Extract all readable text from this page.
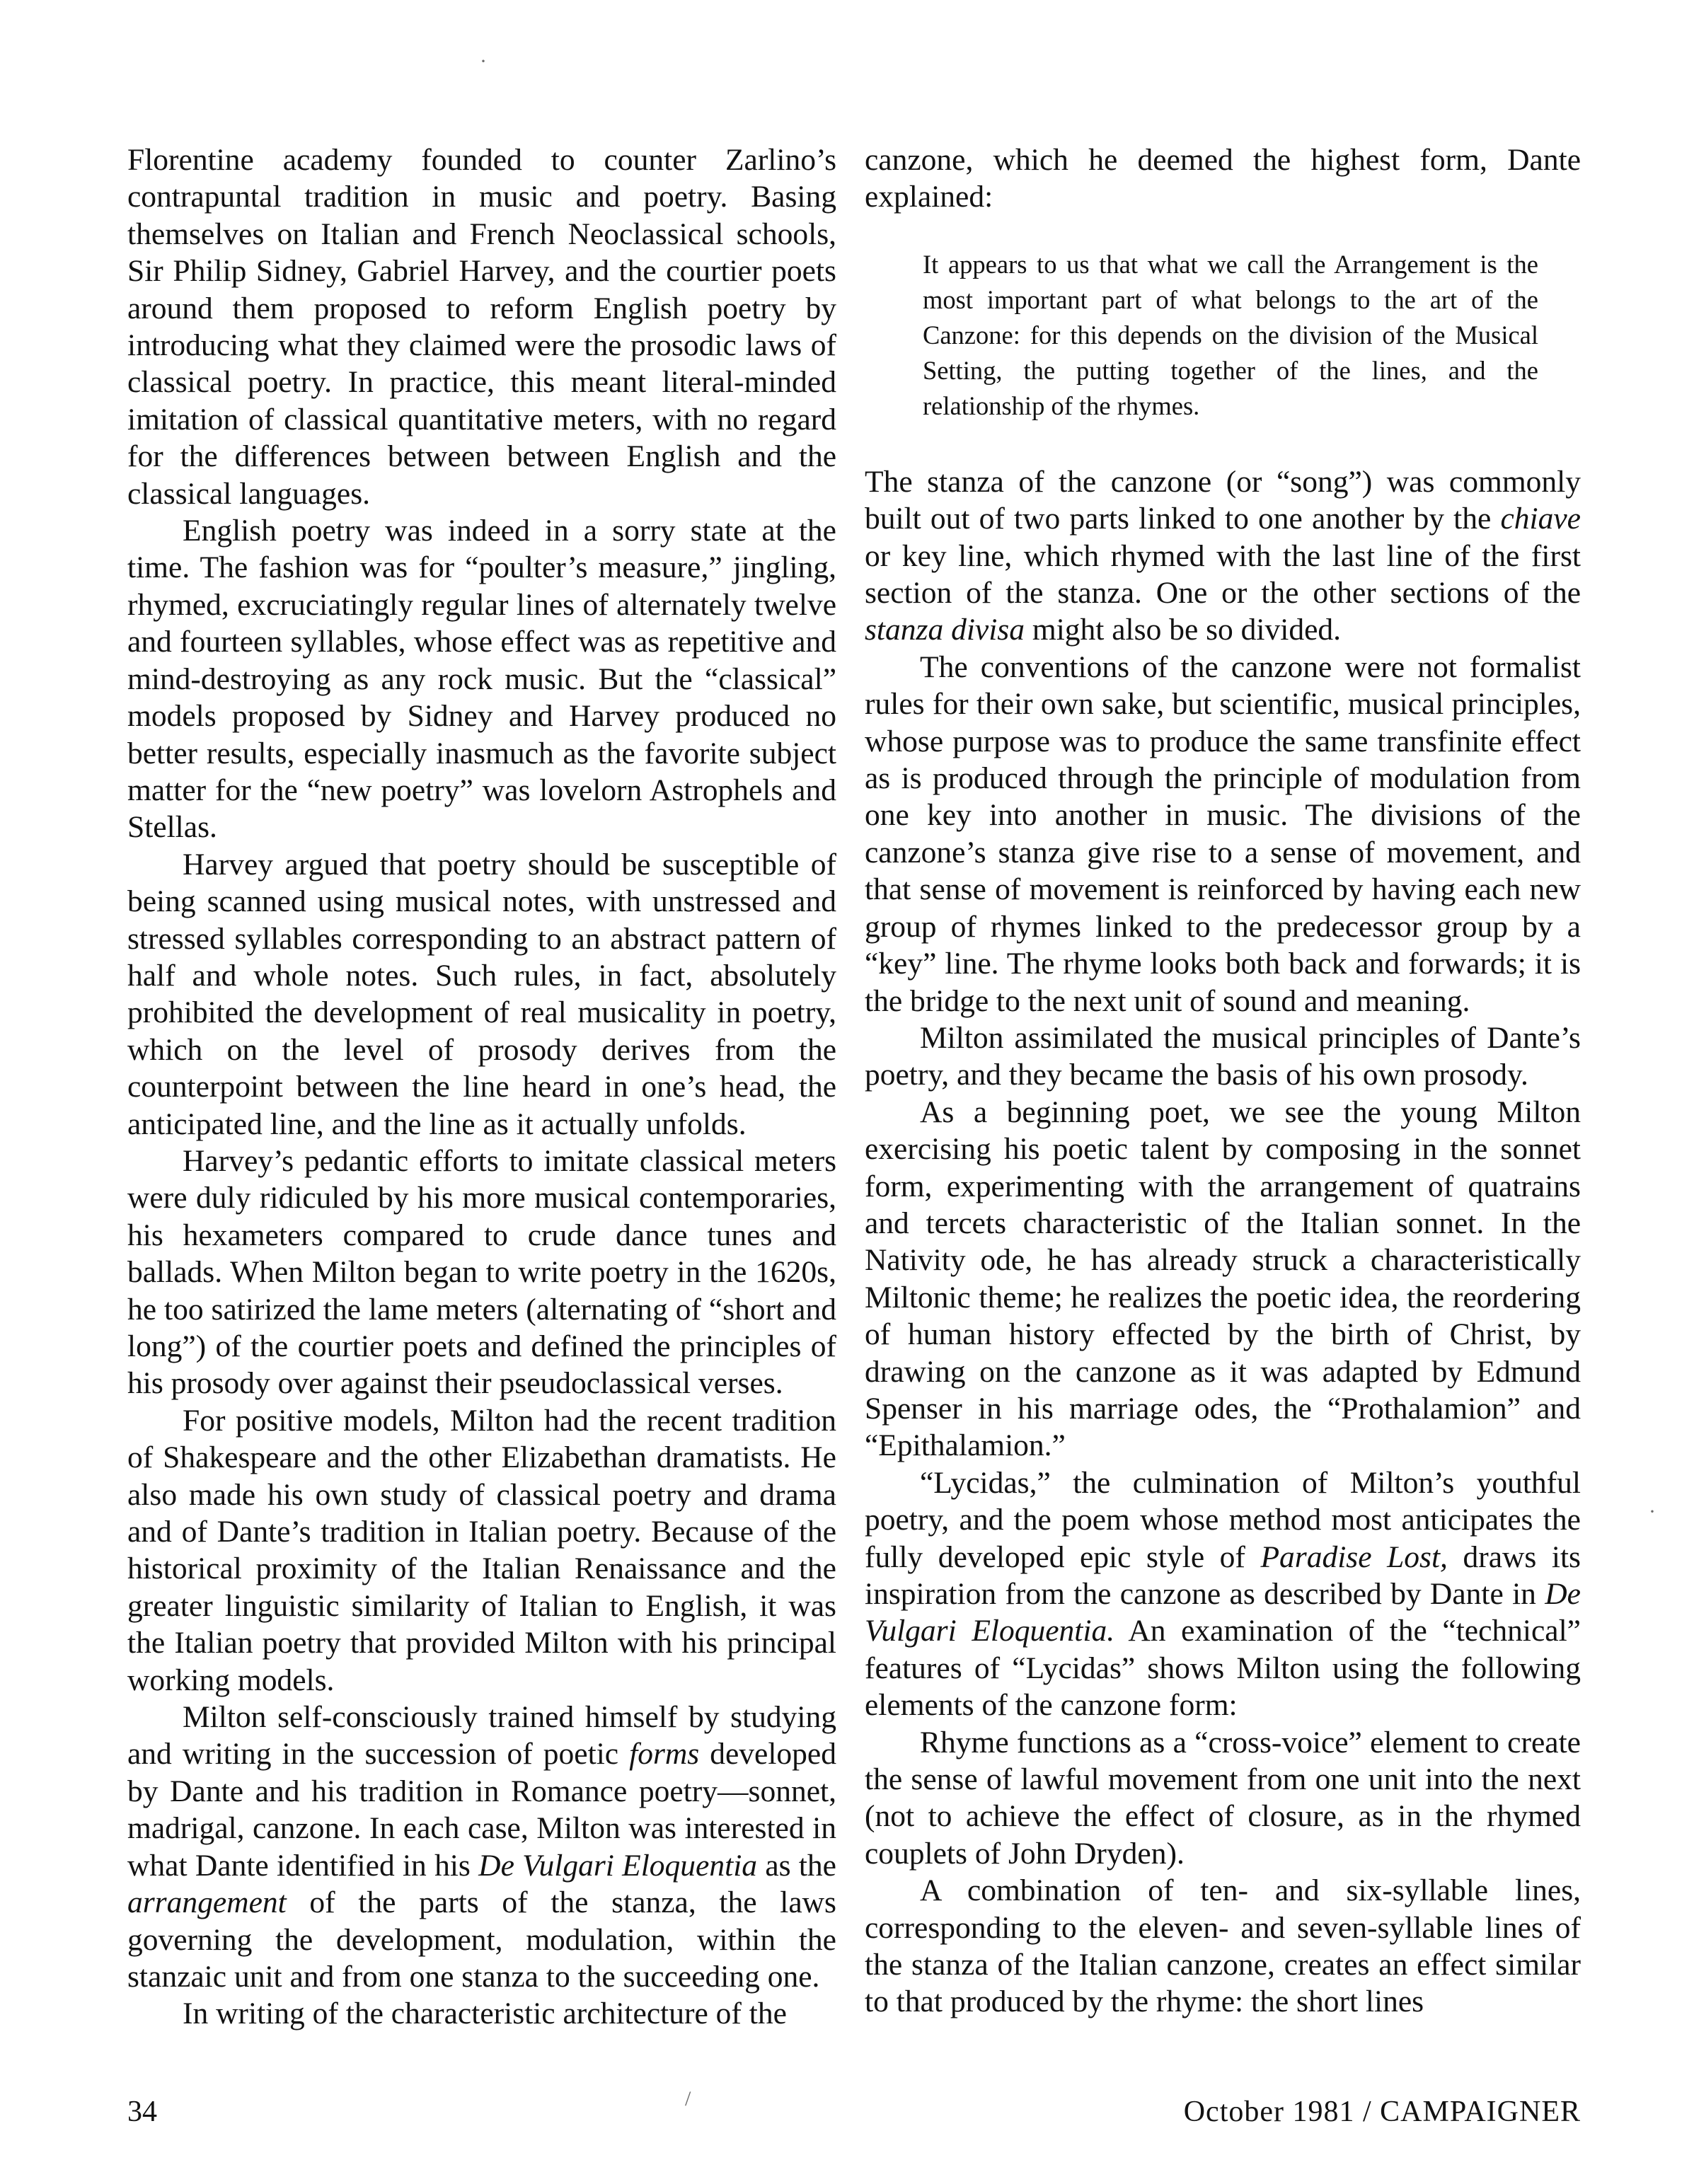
Florentine academy founded to counter Zarlino’s contrapuntal tradition in music and poetry. Basing themselves on Italian and French Neoclassical schools, Sir Philip Sidney, Gabriel Harvey, and the courtier poets around them proposed to reform English poetry by introducing what they claimed were the prosodic laws of classical poetry. In practice, this meant literal-minded imitation of classical quantitative meters, with no regard for the differences between between English and the classical languages.

English poetry was indeed in a sorry state at the time. The fashion was for “poulter’s measure,” jingling, rhymed, excruciatingly regular lines of alternately twelve and fourteen syllables, whose effect was as repetitive and mind-destroying as any rock music. But the “classical” models proposed by Sidney and Harvey produced no better results, especially inasmuch as the favorite subject matter for the “new poetry” was lovelorn Astrophels and Stellas.

Harvey argued that poetry should be susceptible of being scanned using musical notes, with unstressed and stressed syllables corresponding to an abstract pattern of half and whole notes. Such rules, in fact, absolutely prohibited the development of real musicality in poetry, which on the level of prosody derives from the counterpoint between the line heard in one’s head, the anticipated line, and the line as it actually unfolds.

Harvey’s pedantic efforts to imitate classical meters were duly ridiculed by his more musical contemporaries, his hexameters compared to crude dance tunes and ballads. When Milton began to write poetry in the 1620s, he too satirized the lame meters (alternating of “short and long”) of the courtier poets and defined the principles of his prosody over against their pseudoclassical verses.

For positive models, Milton had the recent tradition of Shakespeare and the other Elizabethan dramatists. He also made his own study of classical poetry and drama and of Dante’s tradition in Italian poetry. Because of the historical proximity of the Italian Renaissance and the greater linguistic similarity of Italian to English, it was the Italian poetry that provided Milton with his principal working models.

Milton self-consciously trained himself by studying and writing in the succession of poetic forms developed by Dante and his tradition in Romance poetry—sonnet, madrigal, canzone. In each case, Milton was interested in what Dante identified in his De Vulgari Eloquentia as the arrangement of the parts of the stanza, the laws governing the development, modulation, within the stanzaic unit and from one stanza to the succeeding one.

In writing of the characteristic architecture of the

canzone, which he deemed the highest form, Dante explained:

It appears to us that what we call the Arrangement is the most important part of what belongs to the art of the Canzone: for this depends on the division of the Musical Setting, the putting together of the lines, and the relationship of the rhymes.

The stanza of the canzone (or “song”) was commonly built out of two parts linked to one another by the chiave or key line, which rhymed with the last line of the first section of the stanza. One or the other sections of the stanza divisa might also be so divided.

The conventions of the canzone were not formalist rules for their own sake, but scientific, musical principles, whose purpose was to produce the same transfinite effect as is produced through the principle of modulation from one key into another in music. The divisions of the canzone’s stanza give rise to a sense of movement, and that sense of movement is reinforced by having each new group of rhymes linked to the predecessor group by a “key” line. The rhyme looks both back and forwards; it is the bridge to the next unit of sound and meaning.

Milton assimilated the musical principles of Dante’s poetry, and they became the basis of his own prosody.

As a beginning poet, we see the young Milton exercising his poetic talent by composing in the sonnet form, experimenting with the arrangement of quatrains and tercets characteristic of the Italian sonnet. In the Nativity ode, he has already struck a characteristically Miltonic theme; he realizes the poetic idea, the reordering of human history effected by the birth of Christ, by drawing on the canzone as it was adapted by Edmund Spenser in his marriage odes, the “Prothalamion” and “Epithalamion.”

“Lycidas,” the culmination of Milton’s youthful poetry, and the poem whose method most anticipates the fully developed epic style of Paradise Lost, draws its inspiration from the canzone as described by Dante in De Vulgari Eloquentia. An examination of the “technical” features of “Lycidas” shows Milton using the following elements of the canzone form:

Rhyme functions as a “cross-voice” element to create the sense of lawful movement from one unit into the next (not to achieve the effect of closure, as in the rhymed couplets of John Dryden).

A combination of ten- and six-syllable lines, corresponding to the eleven- and seven-syllable lines of the stanza of the Italian canzone, creates an effect similar to that produced by the rhyme: the short lines

34	October 1981 / CAMPAIGNER
·
/
·
